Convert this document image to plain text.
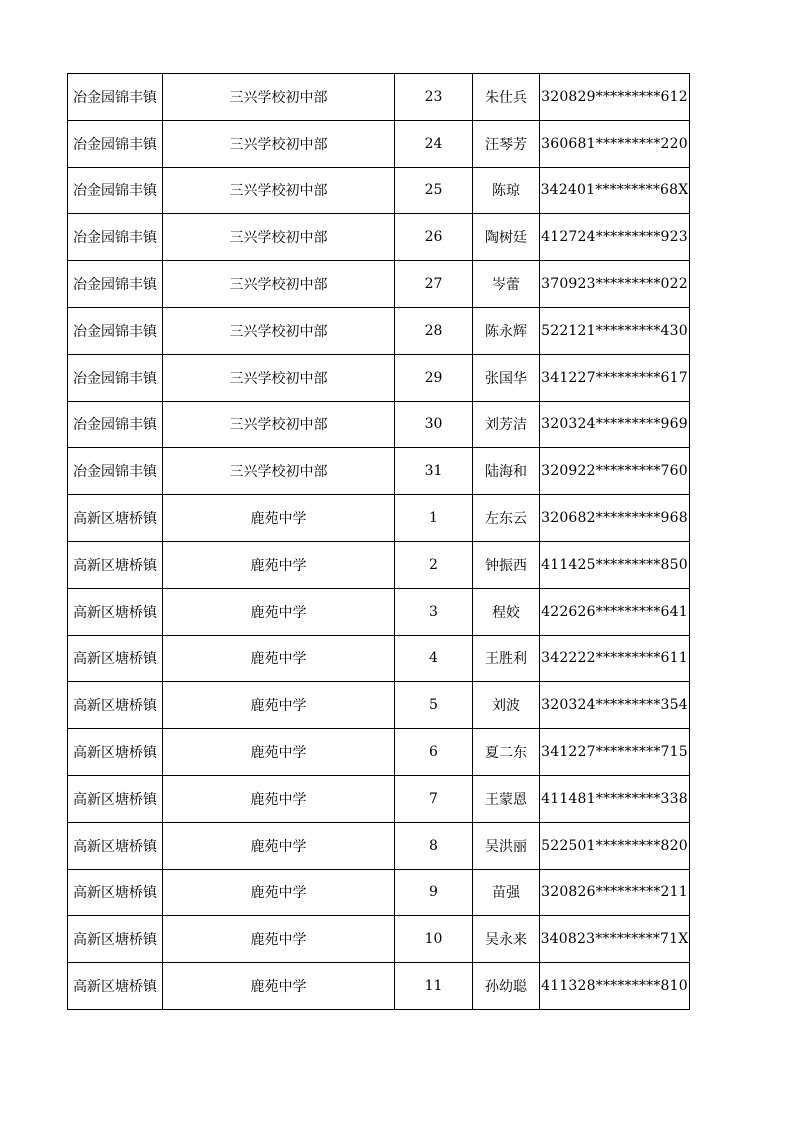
冶金园锦丰镇	三兴学校初中部	23	朱仕兵	320829*********612
冶金园锦丰镇	三兴学校初中部	24	汪琴芳	360681*********220
冶金园锦丰镇	三兴学校初中部	25	陈琼	342401*********68X
冶金园锦丰镇	三兴学校初中部	26	陶树廷	412724*********923
冶金园锦丰镇	三兴学校初中部	27	岑蕾	370923*********022
冶金园锦丰镇	三兴学校初中部	28	陈永辉	522121*********430
冶金园锦丰镇	三兴学校初中部	29	张国华	341227*********617
冶金园锦丰镇	三兴学校初中部	30	刘芳洁	320324*********969
冶金园锦丰镇	三兴学校初中部	31	陆海和	320922*********760
高新区塘桥镇	鹿苑中学	1	左东云	320682*********968
高新区塘桥镇	鹿苑中学	2	钟振西	411425*********850
高新区塘桥镇	鹿苑中学	3	程姣	422626*********641
高新区塘桥镇	鹿苑中学	4	王胜利	342222*********611
高新区塘桥镇	鹿苑中学	5	刘波	320324*********354
高新区塘桥镇	鹿苑中学	6	夏二东	341227*********715
高新区塘桥镇	鹿苑中学	7	王蒙恩	411481*********338
高新区塘桥镇	鹿苑中学	8	吴洪丽	522501*********820
高新区塘桥镇	鹿苑中学	9	苗强	320826*********211
高新区塘桥镇	鹿苑中学	10	吴永来	340823*********71X
高新区塘桥镇	鹿苑中学	11	孙幼聪	411328*********810
